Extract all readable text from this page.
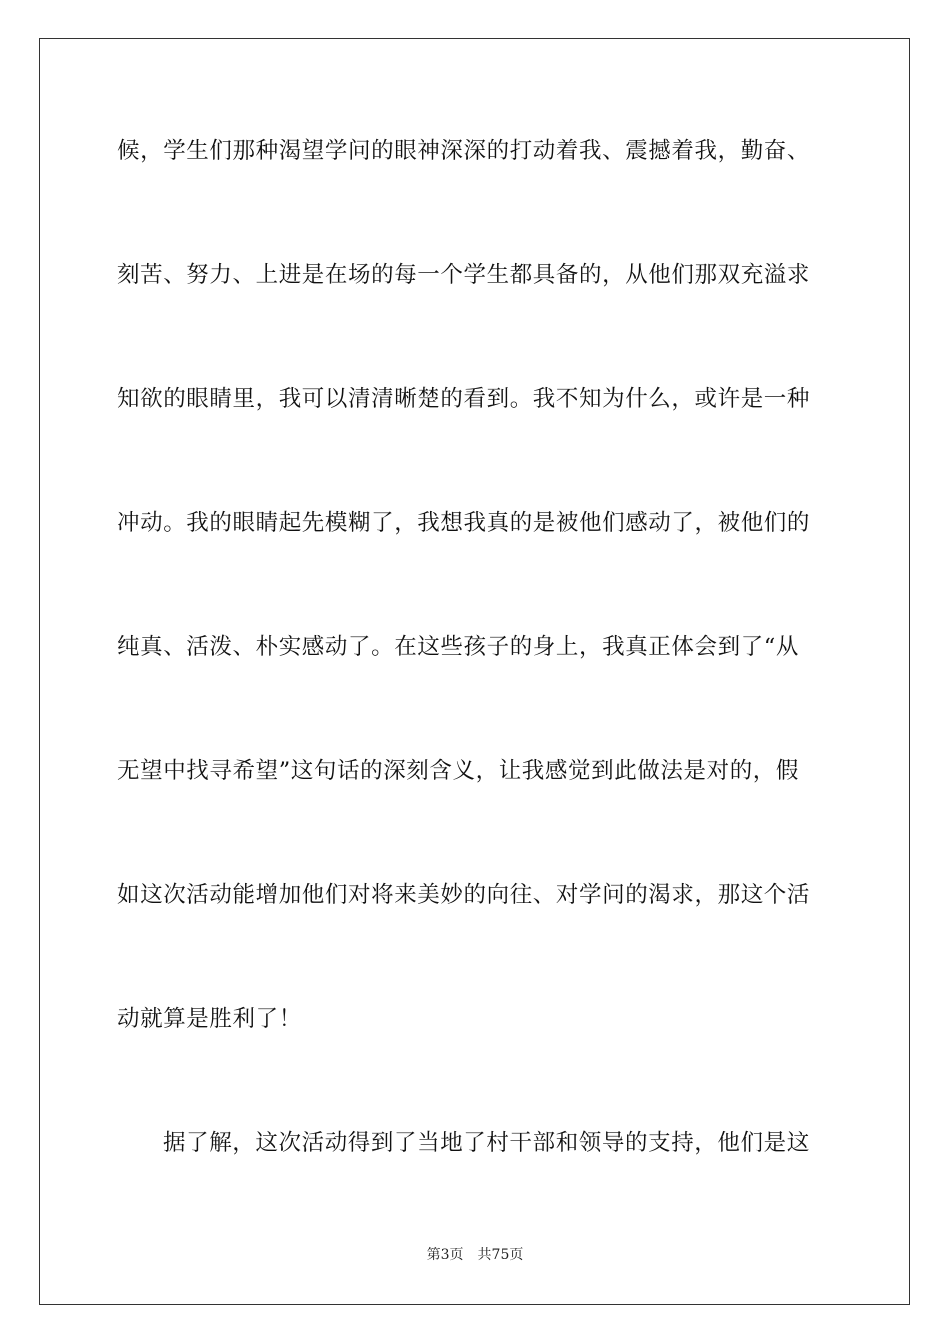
候，学生们那种渴望学问的眼神深深的打动着我、震撼着我，勤奋、

刻苦、努力、上进是在场的每一个学生都具备的，从他们那双充溢求

知欲的眼睛里，我可以清清晰楚的看到。我不知为什么，或许是一种

冲动。我的眼睛起先模糊了，我想我真的是被他们感动了，被他们的

纯真、活泼、朴实感动了。在这些孩子的身上，我真正体会到了“从

无望中找寻希望”这句话的深刻含义，让我感觉到此做法是对的，假

如这次活动能增加他们对将来美妙的向往、对学问的渴求，那这个活

动就算是胜利了！

据了解，这次活动得到了当地了村干部和领导的支持，他们是这

第3页 共75页
